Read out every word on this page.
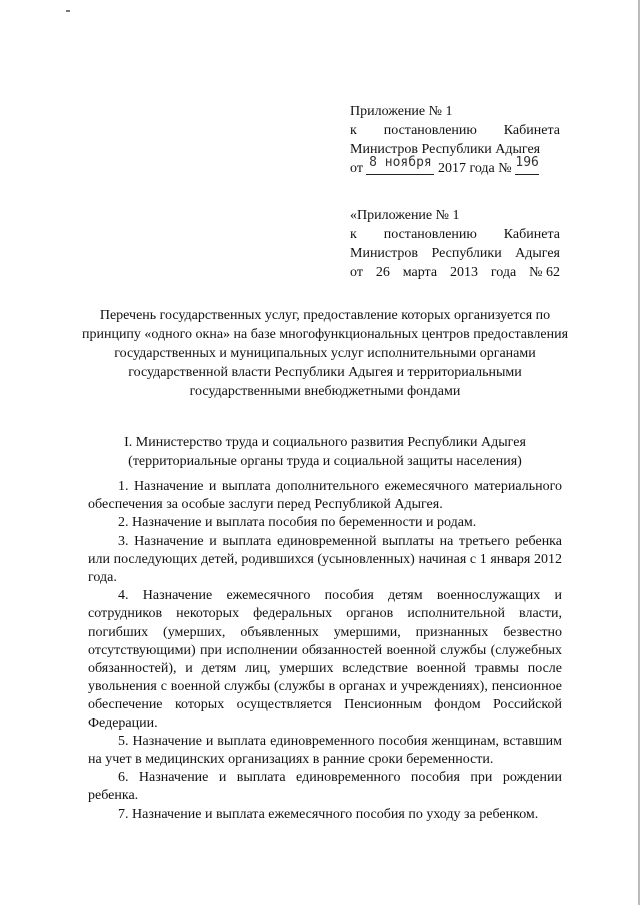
Приложение № 1
к постановлению Кабинета
Министров Республики Адыгея
от
8 ноября
2017 года №
196
«Приложение № 1
к постановлению Кабинета
Министров Республики Адыгея
от 26 марта 2013 года № 62
Перечень государственных услуг, предоставление которых организуется по принципу «одного окна» на базе многофункциональных центров предоставления государственных и муниципальных услуг исполнительными органами государственной власти Республики Адыгея и территориальными государственными внебюджетными фондами
I. Министерство труда и социального развития Республики Адыгея
(территориальные органы труда и социальной защиты населения)

1. Назначение и выплата дополнительного ежемесячного материального обеспечения за особые заслуги перед Республикой Адыгея.

2. Назначение и выплата пособия по беременности и родам.

3. Назначение и выплата единовременной выплаты на третьего ребенка или последующих детей, родившихся (усыновленных) начиная с 1 января 2012 года.

4. Назначение ежемесячного пособия детям военнослужащих и сотрудников некоторых федеральных органов исполнительной власти, погибших (умерших, объявленных умершими, признанных безвестно отсутствующими) при исполнении обязанностей военной службы (служебных обязанностей), и детям лиц, умерших вследствие военной травмы после увольнения с военной службы (службы в органах и учреждениях), пенсионное обеспечение которых осуществляется Пенсионным фондом Российской Федерации.

5. Назначение и выплата единовременного пособия женщинам, вставшим на учет в медицинских организациях в ранние сроки беременности.

6. Назначение и выплата единовременного пособия при рождении ребенка.

7. Назначение и выплата ежемесячного пособия по уходу за ребенком.
